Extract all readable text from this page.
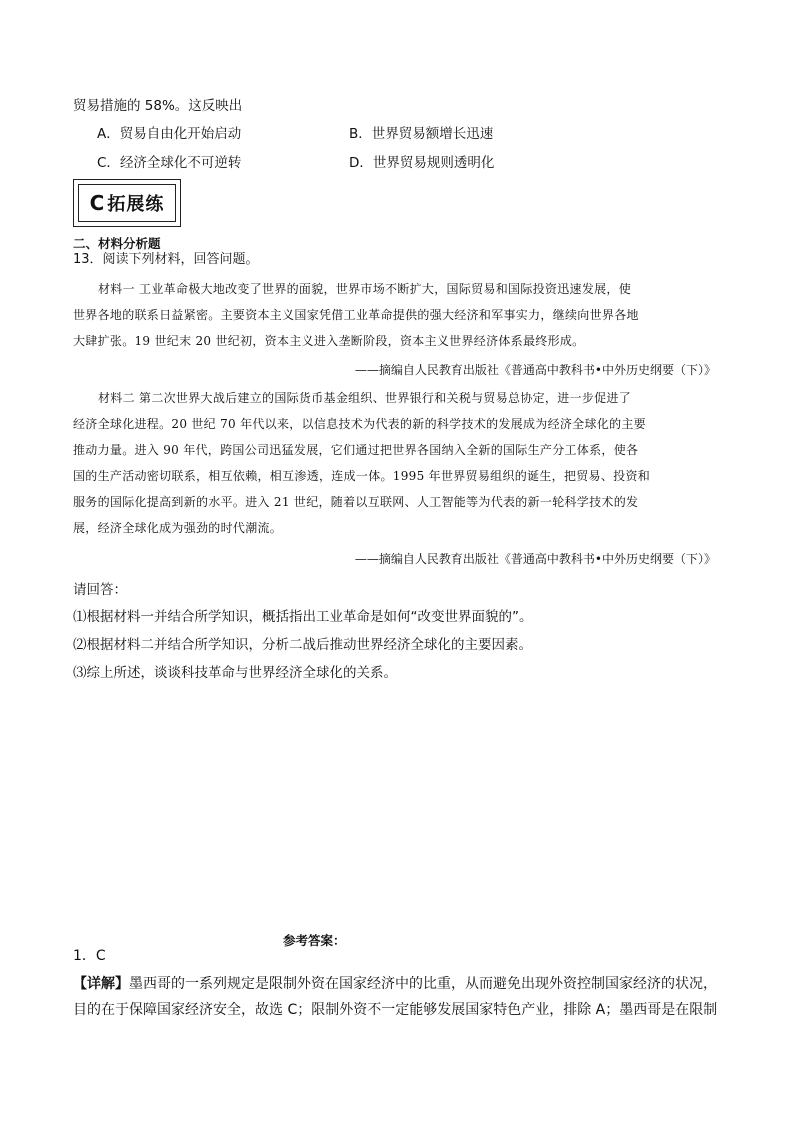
贸易措施的 58%。这反映出
A．贸易自由化开始启动	B．世界贸易额增长迅速
C．经济全球化不可逆转	D．世界贸易规则透明化
C 拓展练
二、材料分析题
13．阅读下列材料，回答问题。
材料一 工业革命极大地改变了世界的面貌，世界市场不断扩大，国际贸易和国际投资迅速发展，使
世界各地的联系日益紧密。主要资本主义国家凭借工业革命提供的强大经济和军事实力，继续向世界各地
大肆扩张。19 世纪末 20 世纪初，资本主义进入垄断阶段，资本主义世界经济体系最终形成。
——摘编自人民教育出版社《普通高中教科书•中外历史纲要（下）》
材料二 第二次世界大战后建立的国际货币基金组织、世界银行和关税与贸易总协定，进一步促进了
经济全球化进程。20 世纪 70 年代以来，以信息技术为代表的新的科学技术的发展成为经济全球化的主要
推动力量。进入 90 年代，跨国公司迅猛发展，它们通过把世界各国纳入全新的国际生产分工体系，使各
国的生产活动密切联系，相互依赖，相互渗透，连成一体。1995 年世界贸易组织的诞生，把贸易、投资和
服务的国际化提高到新的水平。进入 21 世纪，随着以互联网、人工智能等为代表的新一轮科学技术的发
展，经济全球化成为强劲的时代潮流。
——摘编自人民教育出版社《普通高中教科书•中外历史纲要（下）》
请回答：
⑴根据材料一并结合所学知识，概括指出工业革命是如何“改变世界面貌的”。
⑵根据材料二并结合所学知识，分析二战后推动世界经济全球化的主要因素。
⑶综上所述，谈谈科技革命与世界经济全球化的关系。
参考答案：
1．C
【详解】墨西哥的一系列规定是限制外资在国家经济中的比重，从而避免出现外资控制国家经济的状况，
目的在于保障国家经济安全，故选 C；限制外资不一定能够发展国家特色产业，排除 A；墨西哥是在限制
